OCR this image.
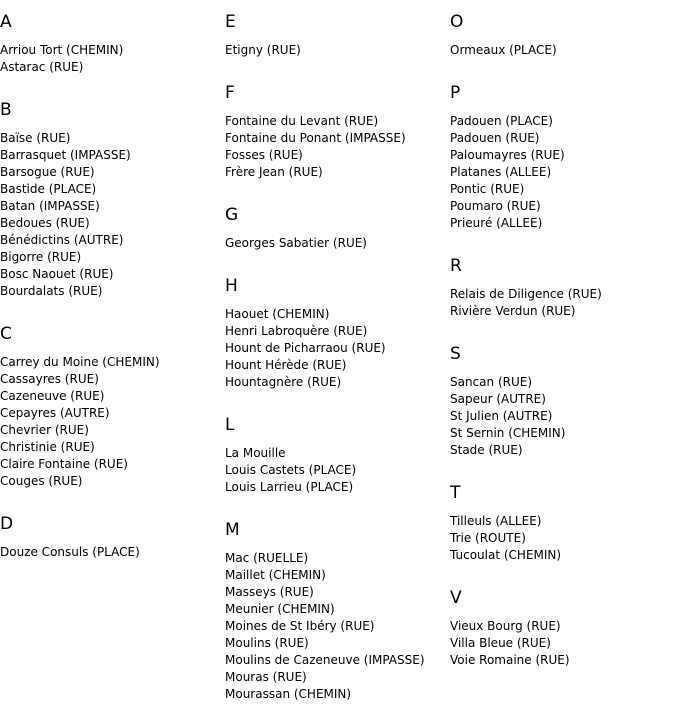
A
Arriou Tort (CHEMIN)
Astarac (RUE)
B
Baïse (RUE)
Barrasquet (IMPASSE)
Barsogue (RUE)
Bastide (PLACE)
Batan (IMPASSE)
Bedoues (RUE)
Bénédictins (AUTRE)
Bigorre (RUE)
Bosc Naouet (RUE)
Bourdalats (RUE)
C
Carrey du Moine (CHEMIN)
Cassayres (RUE)
Cazeneuve (RUE)
Cepayres (AUTRE)
Chevrier (RUE)
Christinie (RUE)
Claire Fontaine (RUE)
Couges (RUE)
D
Douze Consuls (PLACE)
E
Etigny (RUE)
F
Fontaine du Levant (RUE)
Fontaine du Ponant (IMPASSE)
Fosses (RUE)
Frère Jean (RUE)
G
Georges Sabatier (RUE)
H
Haouet (CHEMIN)
Henri Labroquère (RUE)
Hount de Picharraou (RUE)
Hount Hérède (RUE)
Hountagnère (RUE)
L
La Mouille
Louis Castets (PLACE)
Louis Larrieu (PLACE)
M
Mac (RUELLE)
Maillet (CHEMIN)
Masseys (RUE)
Meunier (CHEMIN)
Moines de St Ibéry (RUE)
Moulins (RUE)
Moulins de Cazeneuve (IMPASSE)
Mouras (RUE)
Mourassan (CHEMIN)
O
Ormeaux (PLACE)
P
Padouen (PLACE)
Padouen (RUE)
Paloumayres (RUE)
Platanes (ALLEE)
Pontic (RUE)
Poumaro (RUE)
Prieuré (ALLEE)
R
Relais de Diligence (RUE)
Rivière Verdun (RUE)
S
Sancan (RUE)
Sapeur (AUTRE)
St Julien (AUTRE)
St Sernin (CHEMIN)
Stade (RUE)
T
Tilleuls (ALLEE)
Trie (ROUTE)
Tucoulat (CHEMIN)
V
Vieux Bourg (RUE)
Villa Bleue (RUE)
Voie Romaine (RUE)
